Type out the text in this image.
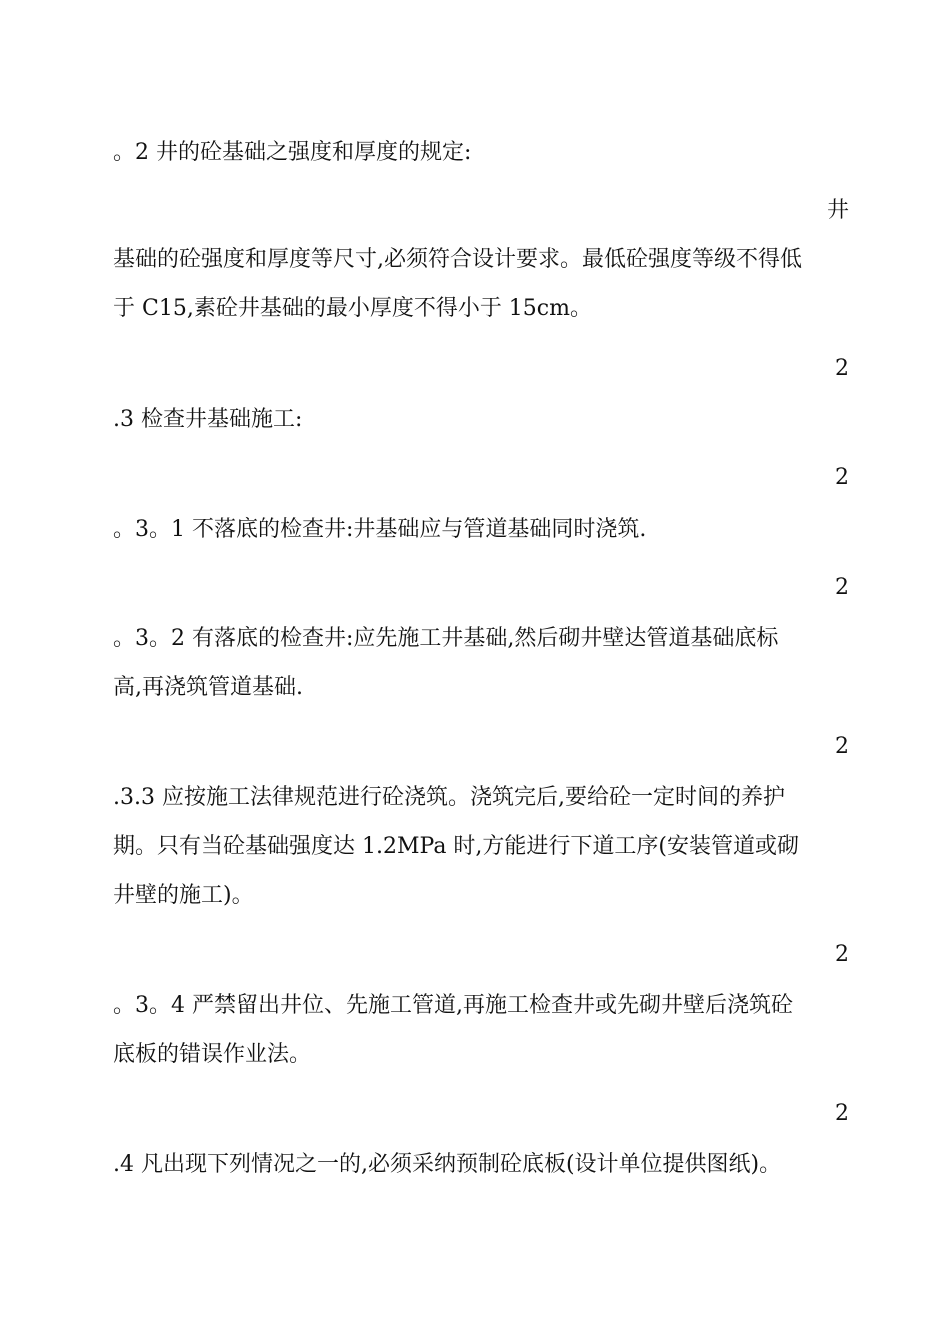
。2 井的砼基础之强度和厚度的规定:
井
基础的砼强度和厚度等尺寸,必须符合设计要求。最低砼强度等级不得低
于 C15,素砼井基础的最小厚度不得小于 15cm。
2
.3 检查井基础施工:
2
。3。1 不落底的检查井:井基础应与管道基础同时浇筑.
2
。3。2 有落底的检查井:应先施工井基础,然后砌井壁达管道基础底标
高,再浇筑管道基础.
2
.3.3 应按施工法律规范进行砼浇筑。浇筑完后,要给砼一定时间的养护
期。只有当砼基础强度达 1.2MPa 时,方能进行下道工序(安装管道或砌
井壁的施工)。
2
。3。4 严禁留出井位、先施工管道,再施工检查井或先砌井壁后浇筑砼
底板的错误作业法。
2
.4 凡出现下列情况之一的,必须采纳预制砼底板(设计单位提供图纸)。
